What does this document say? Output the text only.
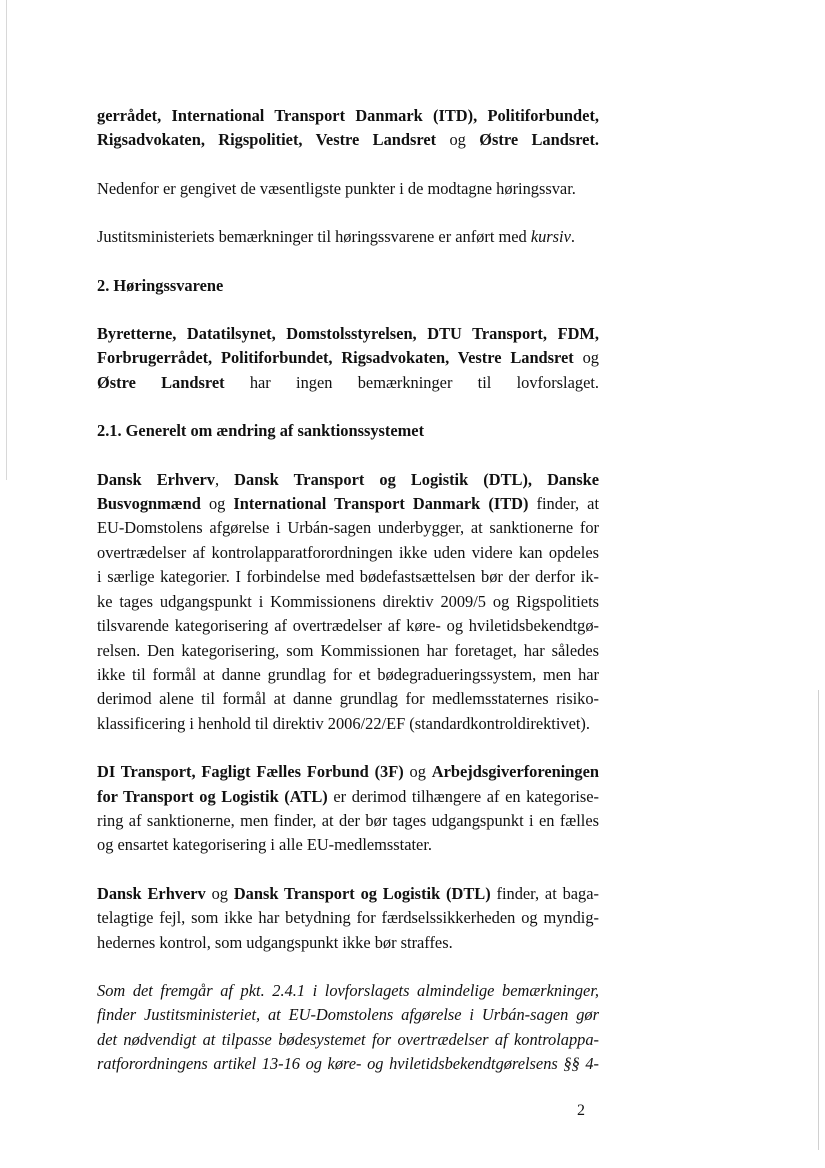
gerrådet, International Transport Danmark (ITD), Politiforbundet,
Rigsadvokaten, Rigspolitiet, Vestre Landsret og Østre Landsret.

Nedenfor er gengivet de væsentligste punkter i de modtagne høringssvar.

Justitsministeriets bemærkninger til høringssvarene er anført med kursiv.

2. Høringssvarene

Byretterne, Datatilsynet, Domstolsstyrelsen, DTU Transport, FDM,
Forbrugerrådet, Politiforbundet, Rigsadvokaten, Vestre Landsret og
Østre Landsret har ingen bemærkninger til lovforslaget.

2.1. Generelt om ændring af sanktionssystemet

Dansk Erhverv, Dansk Transport og Logistik (DTL), Danske
Busvognmænd og International Transport Danmark (ITD) finder, at
EU-Domstolens afgørelse i Urbán-sagen underbygger, at sanktionerne for
overtrædelser af kontrolapparatforordningen ikke uden videre kan opdeles
i særlige kategorier. I forbindelse med bødefastsættelsen bør der derfor ik-
ke tages udgangspunkt i Kommissionens direktiv 2009/5 og Rigspolitiets
tilsvarende kategorisering af overtrædelser af køre- og hviletidsbekendtgø-
relsen. Den kategorisering, som Kommissionen har foretaget, har således
ikke til formål at danne grundlag for et bødegradueringssystem, men har
derimod alene til formål at danne grundlag for medlemsstaternes risiko-
klassificering i henhold til direktiv 2006/22/EF (standardkontroldirektivet).

DI Transport, Fagligt Fælles Forbund (3F) og Arbejdsgiverforeningen
for Transport og Logistik (ATL) er derimod tilhængere af en kategorise-
ring af sanktionerne, men finder, at der bør tages udgangspunkt i en fælles
og ensartet kategorisering i alle EU-medlemsstater.

Dansk Erhverv og Dansk Transport og Logistik (DTL) finder, at baga-
telagtige fejl, som ikke har betydning for færdselssikkerheden og myndig-
hedernes kontrol, som udgangspunkt ikke bør straffes.

Som det fremgår af pkt. 2.4.1 i lovforslagets almindelige bemærkninger,
finder Justitsministeriet, at EU-Domstolens afgørelse i Urbán-sagen gør
det nødvendigt at tilpasse bødesystemet for overtrædelser af kontrolappa-
ratforordningens artikel 13-16 og køre- og hviletidsbekendtgørelsens §§ 4-

2
